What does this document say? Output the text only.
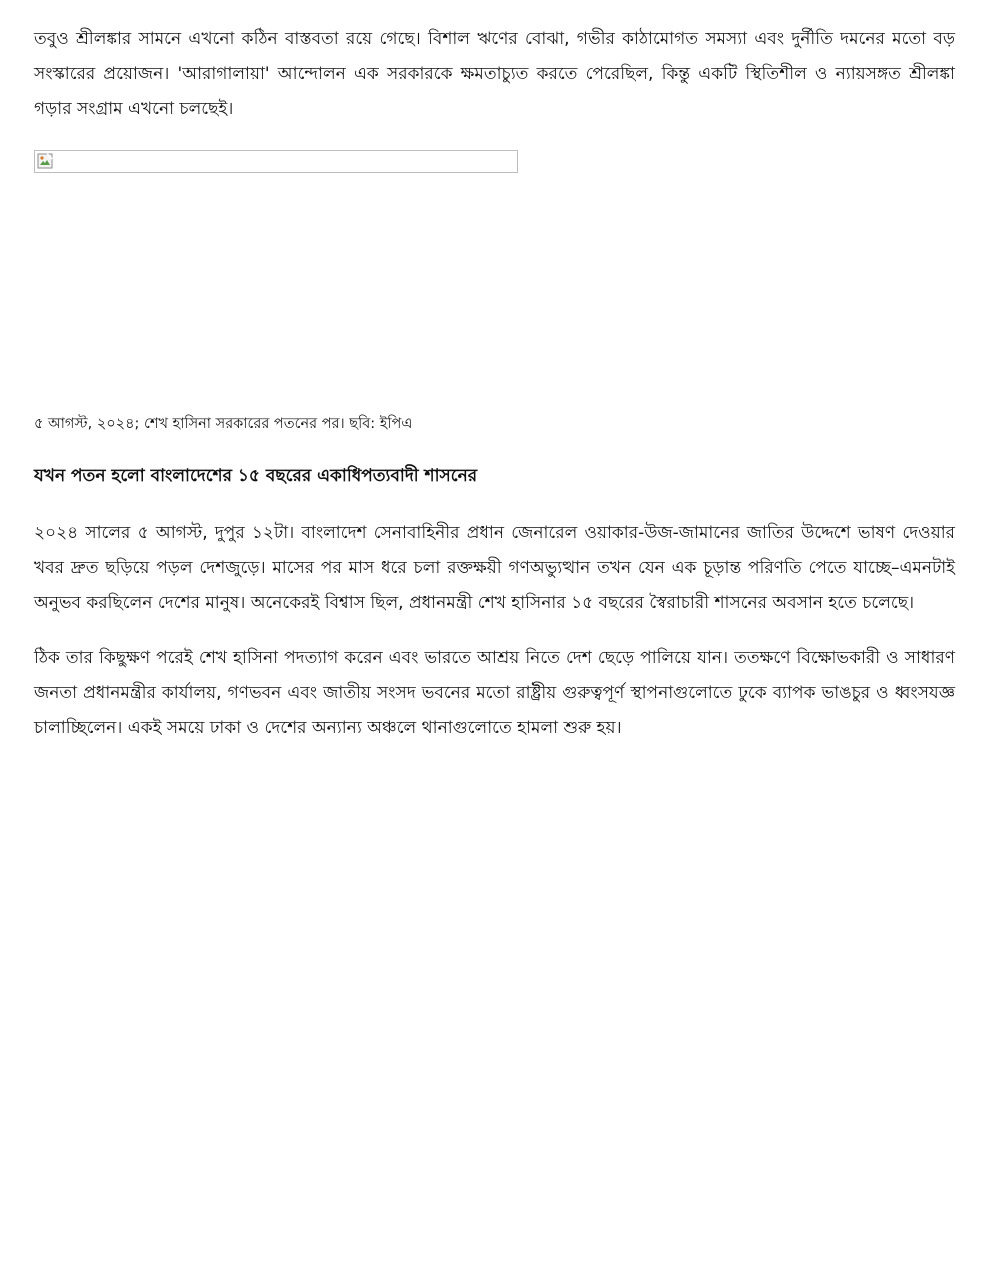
তবুও শ্রীলঙ্কার সামনে এখনো কঠিন বাস্তবতা রয়ে গেছে। বিশাল ঋণের বোঝা, গভীর কাঠামোগত সমস্যা এবং দুর্নীতি দমনের মতো বড় সংস্কারের প্রয়োজন। 'আরাগালায়া' আন্দোলন এক সরকারকে ক্ষমতাচ্যুত করতে পেরেছিল, কিন্তু একটি স্থিতিশীল ও ন্যায়সঙ্গত শ্রীলঙ্কা গড়ার সংগ্রাম এখনো চলছেই।

৫ আগস্ট, ২০২৪; শেখ হাসিনা সরকারের পতনের পর। ছবি: ইপিএ

যখন পতন হলো বাংলাদেশের ১৫ বছরের একাধিপত্যবাদী শাসনের

২০২৪ সালের ৫ আগস্ট, দুপুর ১২টা। বাংলাদেশ সেনাবাহিনীর প্রধান জেনারেল ওয়াকার-উজ-জামানের জাতির উদ্দেশে ভাষণ দেওয়ার খবর দ্রুত ছড়িয়ে পড়ল দেশজুড়ে। মাসের পর মাস ধরে চলা রক্তক্ষয়ী গণঅভ্যুত্থান তখন যেন এক চূড়ান্ত পরিণতি পেতে যাচ্ছে–এমনটাই অনুভব করছিলেন দেশের মানুষ। অনেকেরই বিশ্বাস ছিল, প্রধানমন্ত্রী শেখ হাসিনার ১৫ বছরের স্বৈরাচারী শাসনের অবসান হতে চলেছে।

ঠিক তার কিছুক্ষণ পরেই শেখ হাসিনা পদত্যাগ করেন এবং ভারতে আশ্রয় নিতে দেশ ছেড়ে পালিয়ে যান। ততক্ষণে বিক্ষোভকারী ও সাধারণ জনতা প্রধানমন্ত্রীর কার্যালয়, গণভবন এবং জাতীয় সংসদ ভবনের মতো রাষ্ট্রীয় গুরুত্বপূর্ণ স্থাপনাগুলোতে ঢুকে ব্যাপক ভাঙচুর ও ধ্বংসযজ্ঞ চালাচ্ছিলেন। একই সময়ে ঢাকা ও দেশের অন্যান্য অঞ্চলে থানাগুলোতে হামলা শুরু হয়।
